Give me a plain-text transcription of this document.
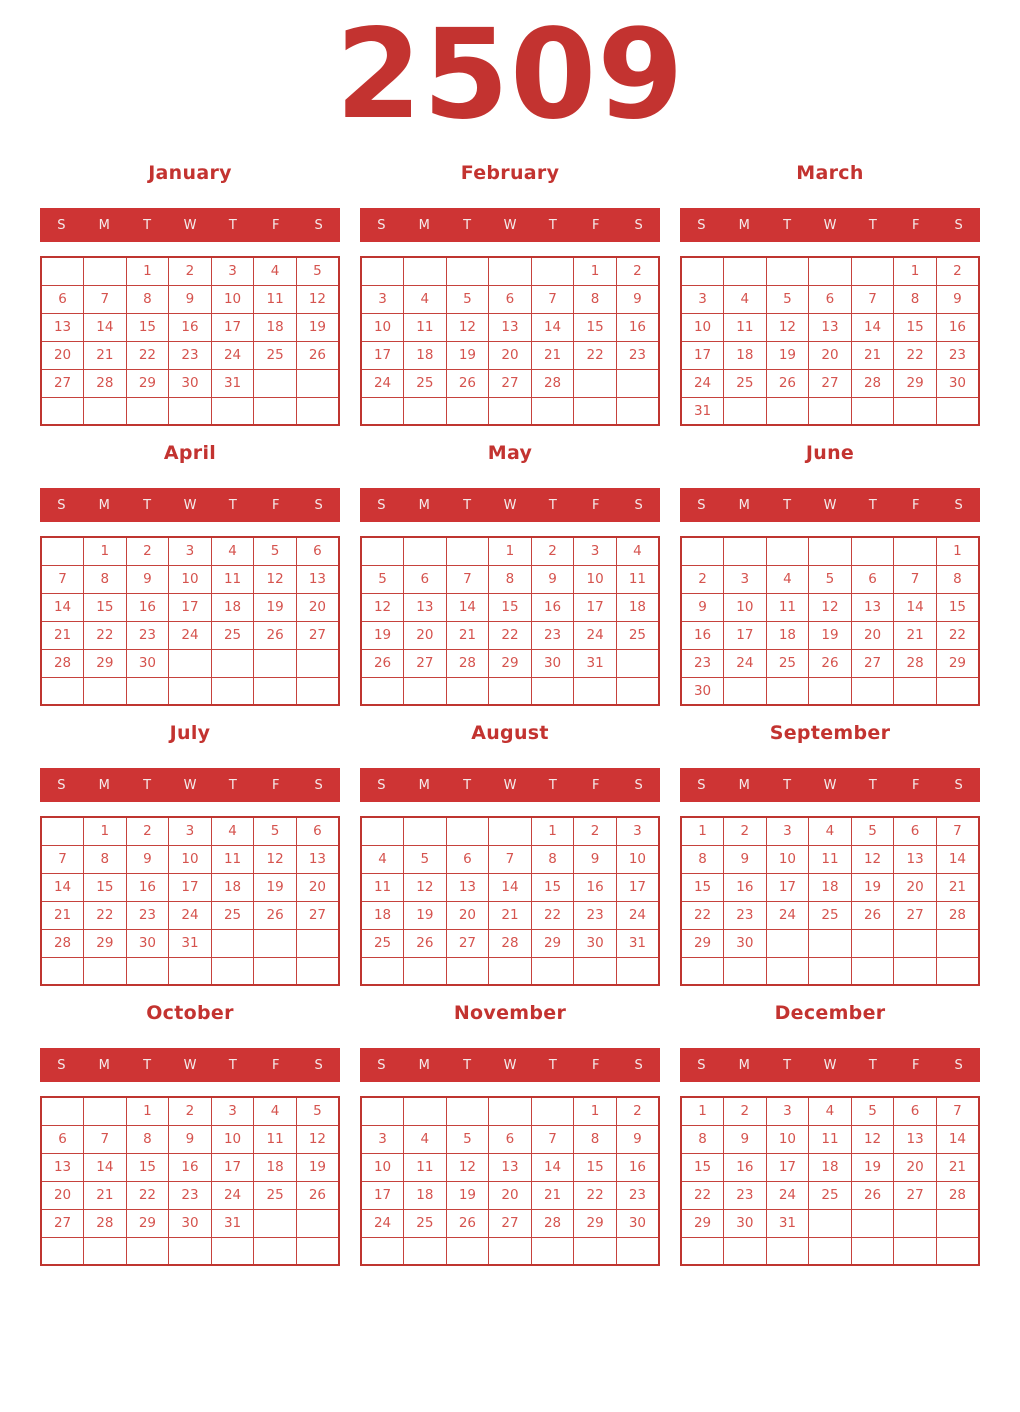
2509
January
S	M	T	W	T	F	S
		1	2	3	4	5
6	7	8	9	10	11	12
13	14	15	16	17	18	19
20	21	22	23	24	25	26
27	28	29	30	31		

February
S	M	T	W	T	F	S
					1	2
3	4	5	6	7	8	9
10	11	12	13	14	15	16
17	18	19	20	21	22	23
24	25	26	27	28		

March
S	M	T	W	T	F	S
					1	2
3	4	5	6	7	8	9
10	11	12	13	14	15	16
17	18	19	20	21	22	23
24	25	26	27	28	29	30
31						
April
S	M	T	W	T	F	S
	1	2	3	4	5	6
7	8	9	10	11	12	13
14	15	16	17	18	19	20
21	22	23	24	25	26	27
28	29	30				

May
S	M	T	W	T	F	S
			1	2	3	4
5	6	7	8	9	10	11
12	13	14	15	16	17	18
19	20	21	22	23	24	25
26	27	28	29	30	31	

June
S	M	T	W	T	F	S
						1
2	3	4	5	6	7	8
9	10	11	12	13	14	15
16	17	18	19	20	21	22
23	24	25	26	27	28	29
30						
July
S	M	T	W	T	F	S
	1	2	3	4	5	6
7	8	9	10	11	12	13
14	15	16	17	18	19	20
21	22	23	24	25	26	27
28	29	30	31			

August
S	M	T	W	T	F	S
				1	2	3
4	5	6	7	8	9	10
11	12	13	14	15	16	17
18	19	20	21	22	23	24
25	26	27	28	29	30	31

September
S	M	T	W	T	F	S
1	2	3	4	5	6	7
8	9	10	11	12	13	14
15	16	17	18	19	20	21
22	23	24	25	26	27	28
29	30					

October
S	M	T	W	T	F	S
		1	2	3	4	5
6	7	8	9	10	11	12
13	14	15	16	17	18	19
20	21	22	23	24	25	26
27	28	29	30	31		

November
S	M	T	W	T	F	S
					1	2
3	4	5	6	7	8	9
10	11	12	13	14	15	16
17	18	19	20	21	22	23
24	25	26	27	28	29	30

December
S	M	T	W	T	F	S
1	2	3	4	5	6	7
8	9	10	11	12	13	14
15	16	17	18	19	20	21
22	23	24	25	26	27	28
29	30	31				
